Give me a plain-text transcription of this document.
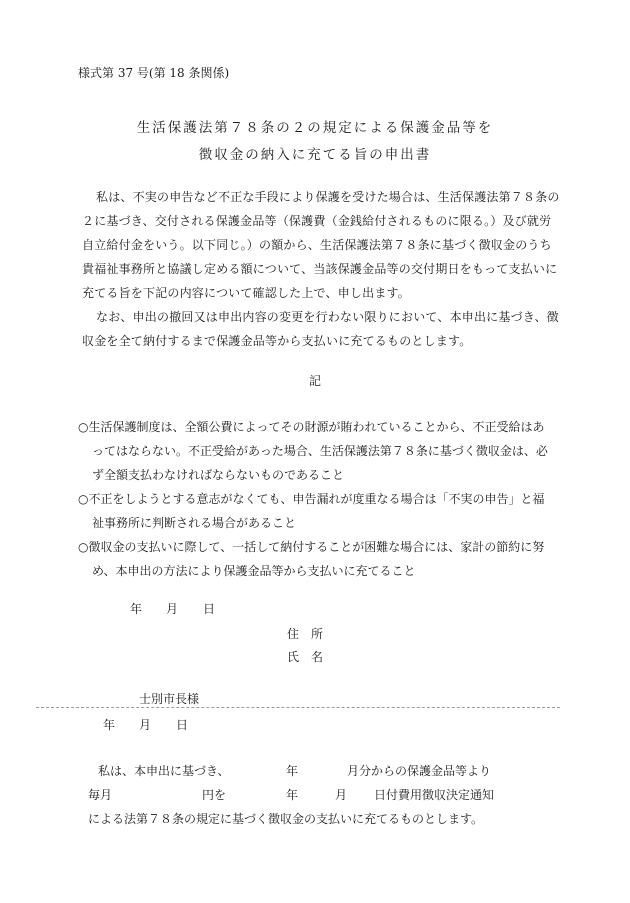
様式第 37 号(第 18 条関係)
生活保護法第７８条の２の規定による保護金品等を
徴収金の納入に充てる旨の申出書
私は、不実の申告など不正な手段により保護を受けた場合は、生活保護法第７８条の
２に基づき、交付される保護金品等（保護費（金銭給付されるものに限る。）及び就労
自立給付金をいう。以下同じ。）の額から、生活保護法第７８条に基づく徴収金のうち
貴福祉事務所と協議し定める額について、当該保護金品等の交付期日をもって支払いに
充てる旨を下記の内容について確認した上で、申し出ます。
なお、申出の撤回又は申出内容の変更を行わない限りにおいて、本申出に基づき、徴
収金を全て納付するまで保護金品等から支払いに充てるものとします。
記
○生活保護制度は、全額公費によってその財源が賄われていることから、不正受給はあ
ってはならない。不正受給があった場合、生活保護法第７８条に基づく徴収金は、必
ず全額支払わなければならないものであること
○不正をしようとする意志がなくても、申告漏れが度重なる場合は「不実の申告」と福
祉事務所に判断される場合があること
○徴収金の支払いに際して、一括して納付することが困難な場合には、家計の節約に努
め、本申出の方法により保護金品等から支払いに充てること
年 月 日
住　所
氏　名
士別市長様
年 月 日
私は、本申出に基づき、	年	月分からの保護金品等より
毎月	円を	年	月 日付費用徴収決定通知
による法第７８条の規定に基づく徴収金の支払いに充てるものとします。
